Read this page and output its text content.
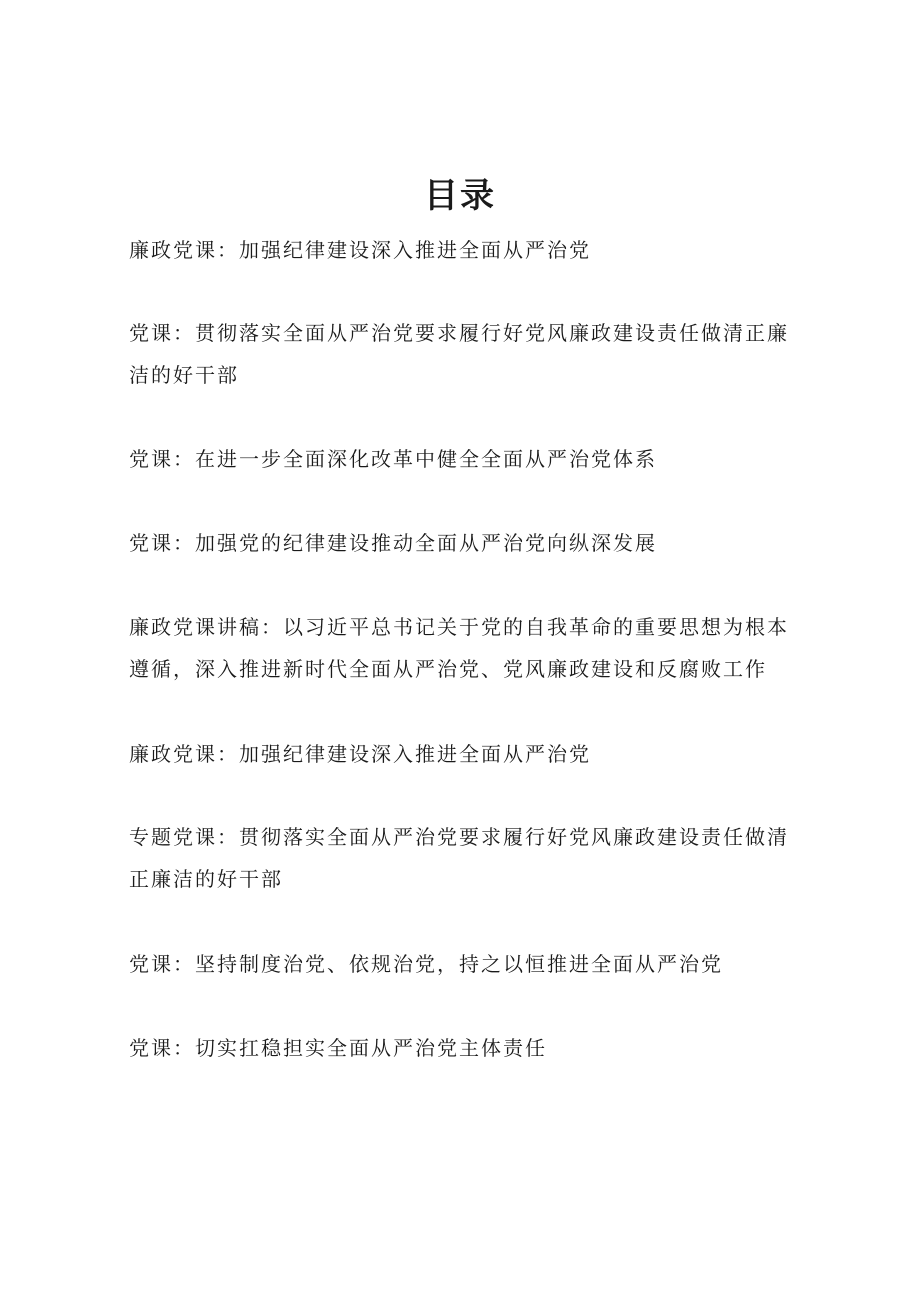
目录
廉政党课：加强纪律建设深入推进全面从严治党
党课：贯彻落实全面从严治党要求履行好党风廉政建设责任做清正廉洁的好干部
党课：在进一步全面深化改革中健全全面从严治党体系
党课：加强党的纪律建设推动全面从严治党向纵深发展
廉政党课讲稿：以习近平总书记关于党的自我革命的重要思想为根本遵循，深入推进新时代全面从严治党、党风廉政建设和反腐败工作
廉政党课：加强纪律建设深入推进全面从严治党
专题党课：贯彻落实全面从严治党要求履行好党风廉政建设责任做清正廉洁的好干部
党课：坚持制度治党、依规治党，持之以恒推进全面从严治党
党课：切实扛稳担实全面从严治党主体责任
